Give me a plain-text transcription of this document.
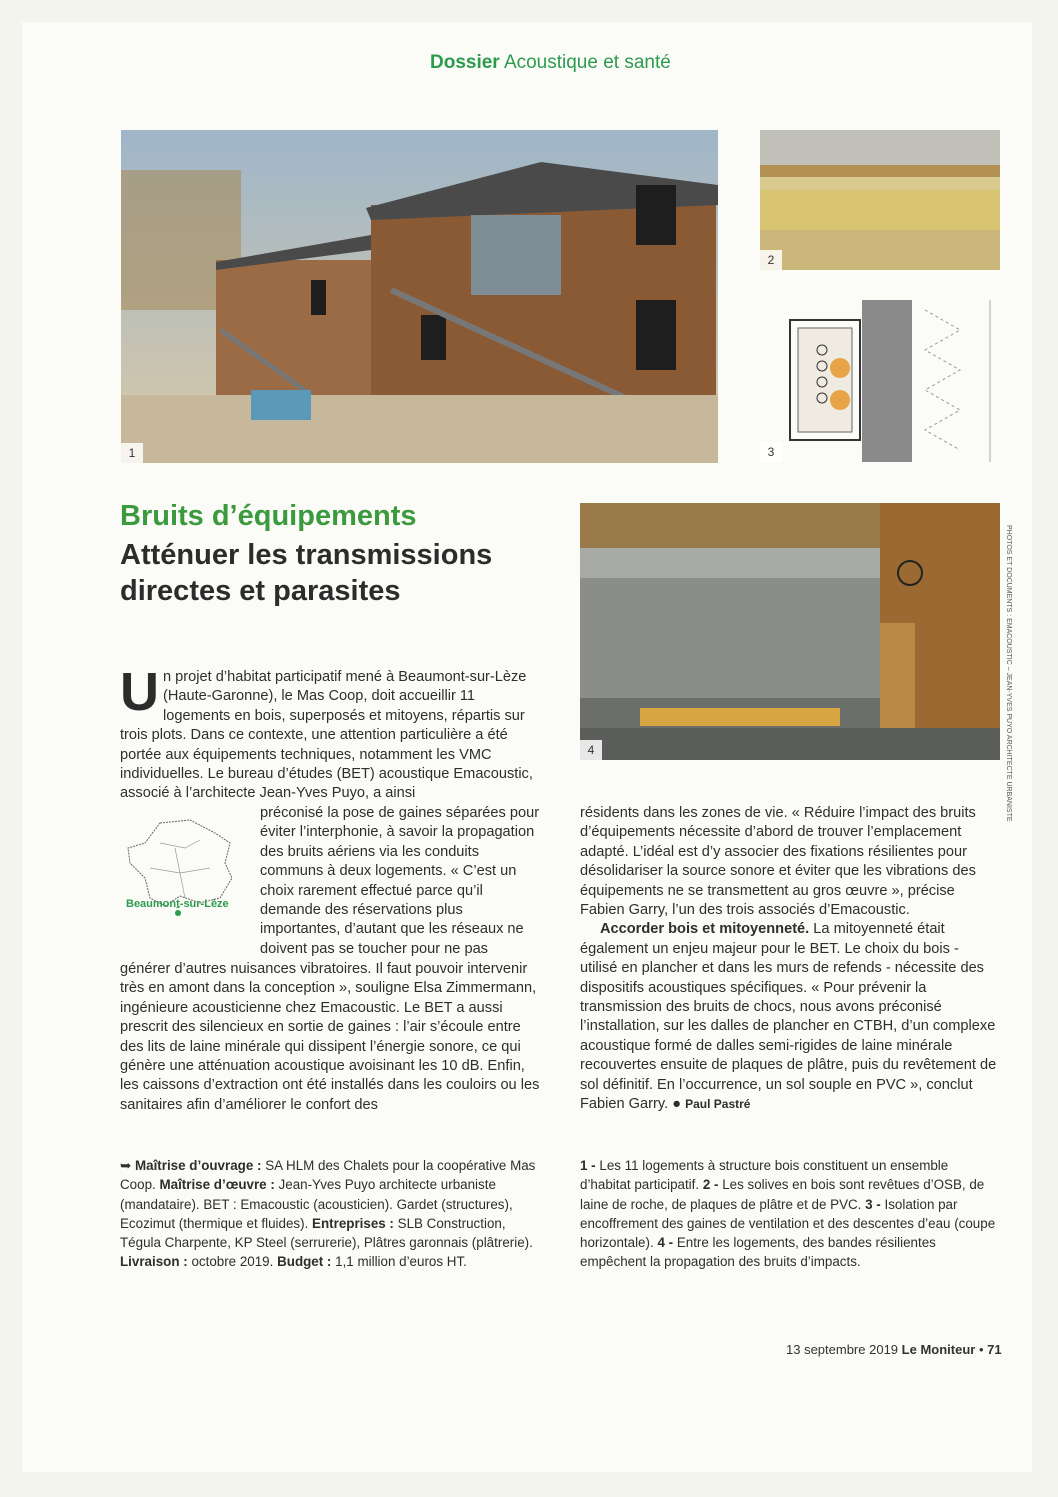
Dossier Acoustique et santé
1
2
3
4	PHOTOS ET DOCUMENTS : EMACOUSTIC – JEAN-YVES PUYO ARCHITECTE URBANISTE
Bruits d’équipements
Atténuer les transmissions directes et parasites
U n projet d’habitat participatif mené à Beaumont-sur-Lèze (Haute-Garonne), le Mas Coop, doit accueillir 11 logements en bois, superposés et mitoyens, répartis sur trois plots. Dans ce contexte, une attention particulière a été portée aux équipements techniques, notamment les VMC individuelles. Le bureau d’études (BET) acoustique Emacoustic, associé à l’architecte Jean-Yves Puyo, a ainsi
Beaumont-sur-Lèze
préconisé la pose de gaines séparées pour éviter l’interphonie, à savoir la propagation des bruits aériens via les conduits communs à deux logements. « C’est un choix rarement effectué parce qu’il demande des réservations plus importantes, d’autant que les réseaux ne doivent pas se toucher pour ne pas
générer d’autres nuisances vibratoires. Il faut pouvoir intervenir très en amont dans la conception », souligne Elsa Zimmermann, ingénieure acousticienne chez Emacoustic. Le BET a aussi prescrit des silencieux en sortie de gaines : l’air s’écoule entre des lits de laine minérale qui dissipent l’énergie sonore, ce qui génère une atténuation acoustique avoisinant les 10 dB. Enfin, les caissons d’extraction ont été installés dans les couloirs ou les sanitaires afin d’améliorer le confort des

résidents dans les zones de vie. « Réduire l’impact des bruits d’équipements nécessite d’abord de trouver l’emplacement adapté. L’idéal est d’y associer des fixations résilientes pour désolidariser la source sonore et éviter que les vibrations des équipements ne se transmettent au gros œuvre », précise Fabien Garry, l’un des trois associés d’Emacoustic.

Accorder bois et mitoyenneté. La mitoyenneté était également un enjeu majeur pour le BET. Le choix du bois - utilisé en plancher et dans les murs de refends - nécessite des dispositifs acoustiques spécifiques. « Pour prévenir la transmission des bruits de chocs, nous avons préconisé l’installation, sur les dalles de plancher en CTBH, d’un complexe acoustique formé de dalles semi-rigides de laine minérale recouvertes ensuite de plaques de plâtre, puis du revêtement de sol définitif. En l’occurrence, un sol souple en PVC », conclut Fabien Garry. ● Paul Pastré

➥ Maîtrise d’ouvrage : SA HLM des Chalets pour la coopérative Mas Coop. Maîtrise d’œuvre : Jean-Yves Puyo architecte urbaniste (mandataire). BET : Emacoustic (acousticien). Gardet (structures), Ecozimut (thermique et fluides). Entreprises : SLB Construction, Tégula Charpente, KP Steel (serrurerie), Plâtres garonnais (plâtrerie). Livraison : octobre 2019. Budget : 1,1 million d’euros HT.
1 - Les 11 logements à structure bois constituent un ensemble d’habitat participatif. 2 - Les solives en bois sont revêtues d’OSB, de laine de roche, de plaques de plâtre et de PVC. 3 - Isolation par encoffrement des gaines de ventilation et des descentes d’eau (coupe horizontale). 4 - Entre les logements, des bandes résilientes empêchent la propagation des bruits d’impacts.
13 septembre 2019 Le Moniteur • 71
